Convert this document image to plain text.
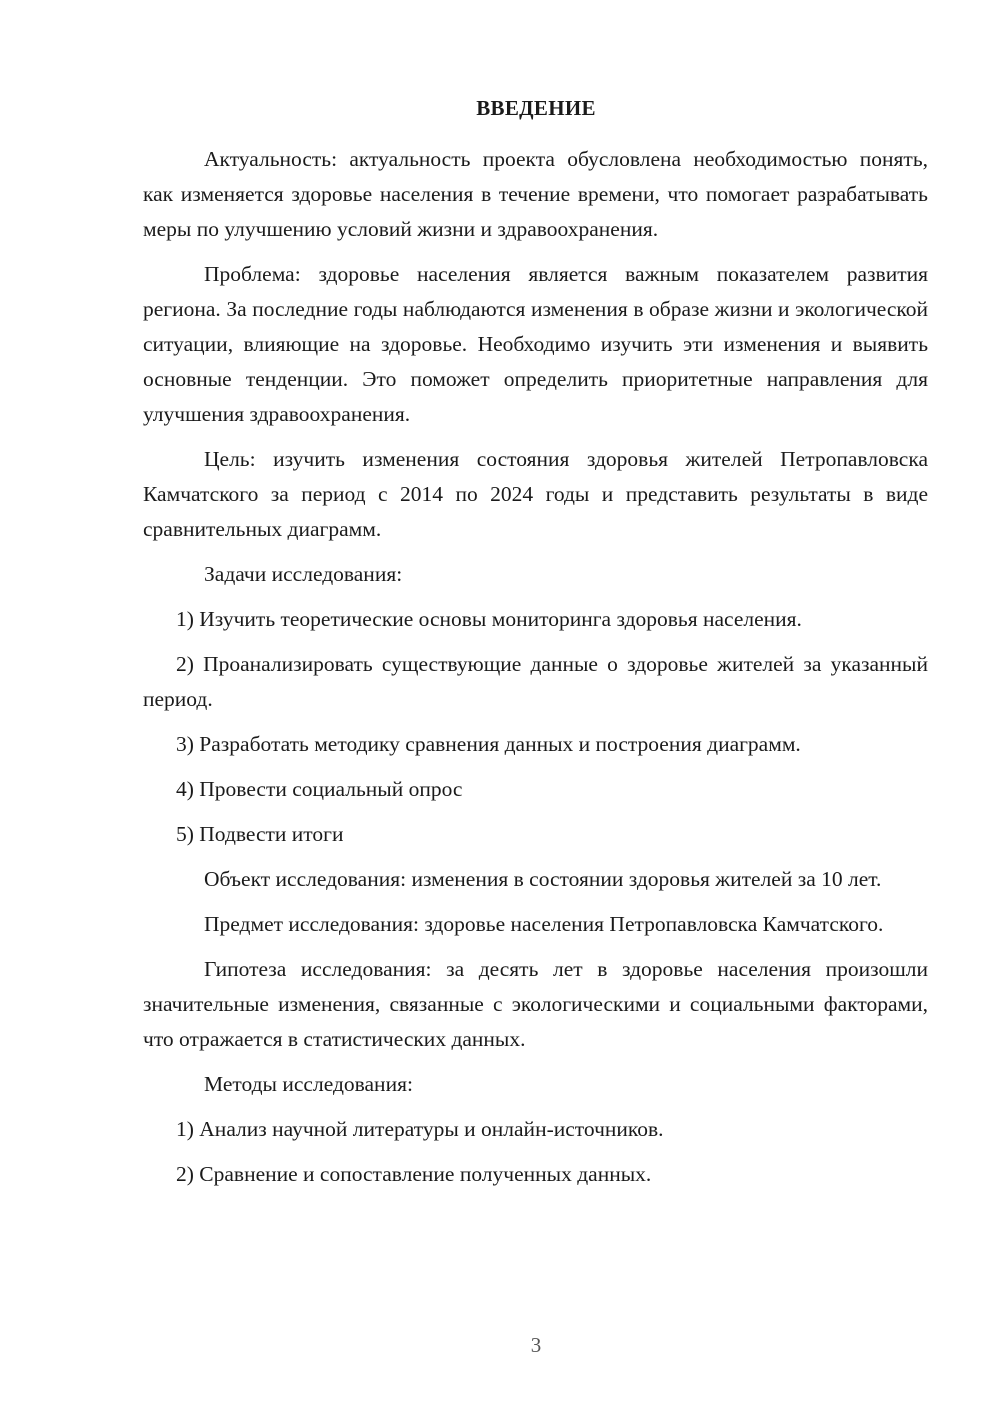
ВВЕДЕНИЕ

Актуальность: актуальность проекта обусловлена необходимостью понять, как изменяется здоровье населения в течение времени, что помогает разрабатывать меры по улучшению условий жизни и здравоохранения.

Проблема: здоровье населения является важным показателем развития региона. За последние годы наблюдаются изменения в образе жизни и экологической ситуации, влияющие на здоровье. Необходимо изучить эти изменения и выявить основные тенденции. Это поможет определить приоритетные направления для улучшения здравоохранения.

Цель: изучить изменения состояния здоровья жителей Петропавловска Камчатского за период с 2014 по 2024 годы и представить результаты в виде сравнительных диаграмм.

Задачи исследования:

1) Изучить теоретические основы мониторинга здоровья населения.

2) Проанализировать существующие данные о здоровье жителей за указанный период.

3) Разработать методику сравнения данных и построения диаграмм.

4) Провести социальный опрос

5) Подвести итоги

Объект исследования: изменения в состоянии здоровья жителей за 10 лет.

Предмет исследования: здоровье населения Петропавловска Камчатского.

Гипотеза исследования: за десять лет в здоровье населения произошли значительные изменения, связанные с экологическими и социальными факторами, что отражается в статистических данных.

Методы исследования:

1) Анализ научной литературы и онлайн-источников.

2) Сравнение и сопоставление полученных данных.

3
